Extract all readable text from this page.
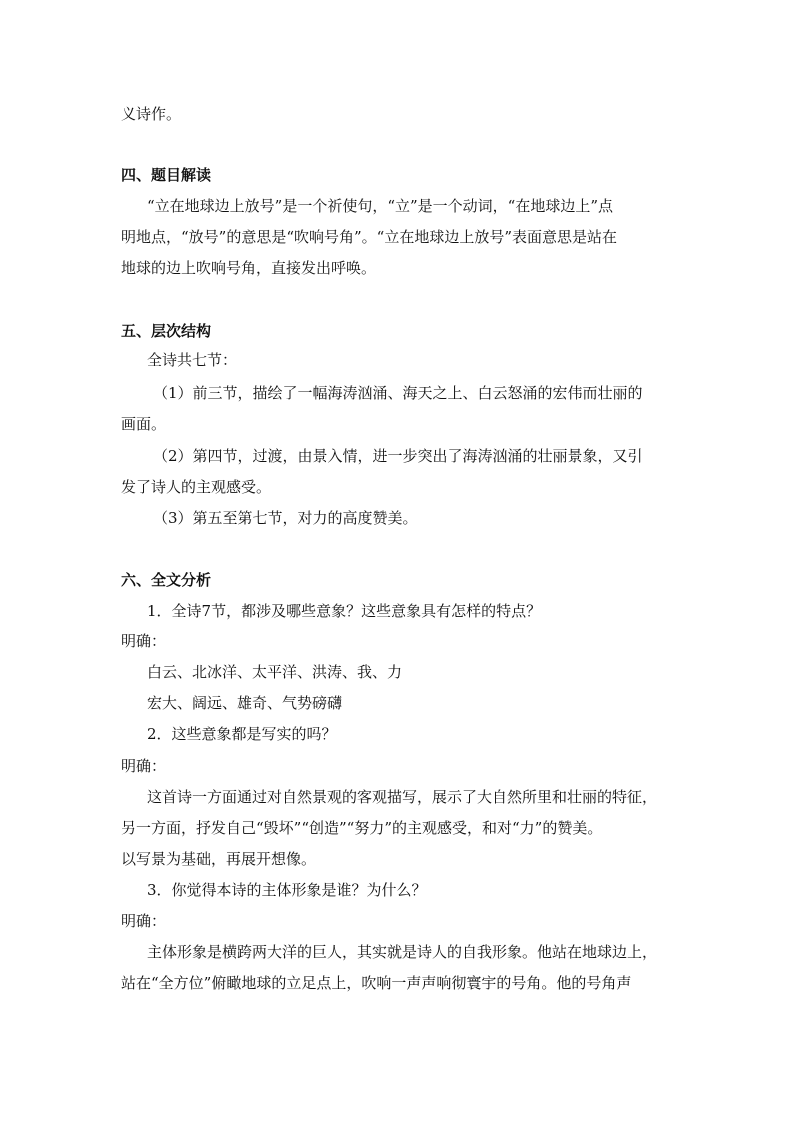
义诗作。
四、题目解读
“立在地球边上放号”是一个祈使句，“立”是一个动词，“在地球边上”点
明地点，“放号”的意思是“吹响号角”。“立在地球边上放号”表面意思是站在
地球的边上吹响号角，直接发出呼唤。
五、层次结构
全诗共七节：
（1）前三节，描绘了一幅海涛汹涌、海天之上、白云怒涌的宏伟而壮丽的
画面。
（2）第四节，过渡，由景入情，进一步突出了海涛汹涌的壮丽景象，又引
发了诗人的主观感受。
（3）第五至第七节，对力的高度赞美。
六、全文分析
1．全诗7节，都涉及哪些意象？这些意象具有怎样的特点？
明确：
白云、北冰洋、太平洋、洪涛、我、力
宏大、阔远、雄奇、气势磅礴
2．这些意象都是写实的吗？
明确：
这首诗一方面通过对自然景观的客观描写，展示了大自然所里和壮丽的特征，
另一方面，抒发自己“毁坏”“创造”“努力”的主观感受，和对“力”的赞美。
以写景为基础，再展开想像。
3．你觉得本诗的主体形象是谁？为什么？
明确：
主体形象是横跨两大洋的巨人，其实就是诗人的自我形象。他站在地球边上，
站在“全方位”俯瞰地球的立足点上，吹响一声声响彻寰宇的号角。他的号角声
